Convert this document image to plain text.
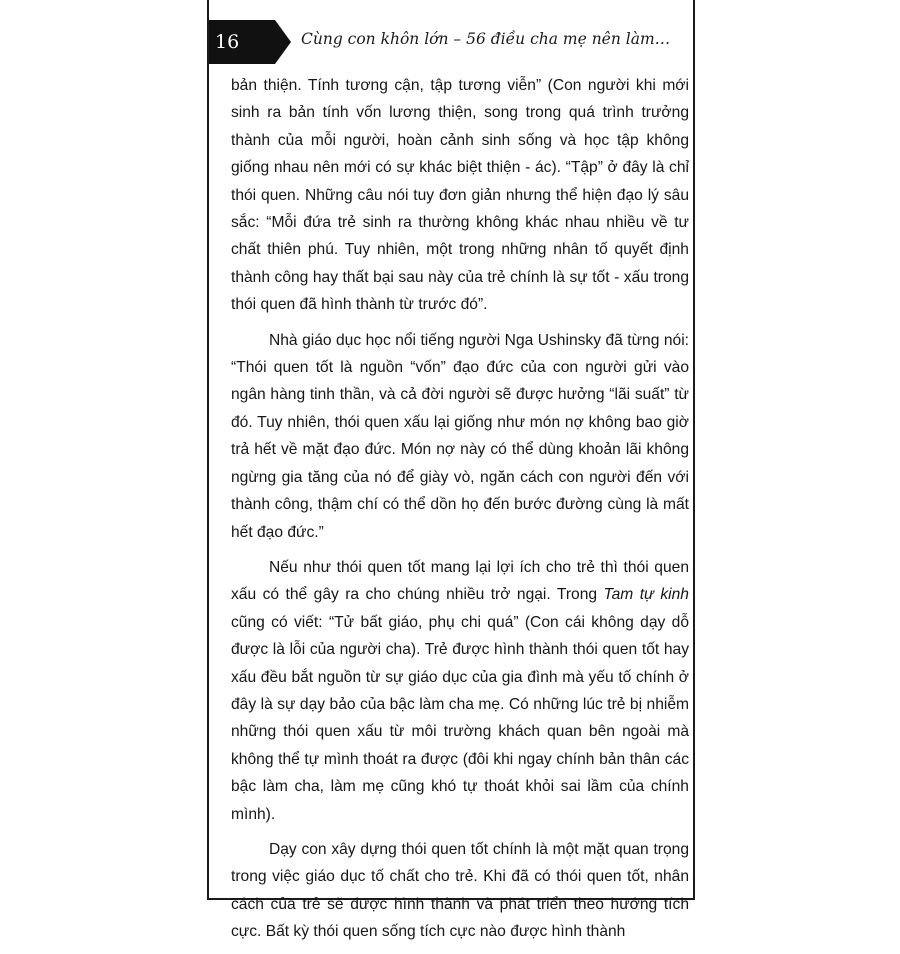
16	Cùng con khôn lớn – 56 điều cha mẹ nên làm…

bản thiện. Tính tương cận, tập tương viễn” (Con người khi mới sinh ra bản tính vốn lương thiện, song trong quá trình trưởng thành của mỗi người, hoàn cảnh sinh sống và học tập không giống nhau nên mới có sự khác biệt thiện - ác). “Tập” ở đây là chỉ thói quen. Những câu nói tuy đơn giản nhưng thể hiện đạo lý sâu sắc: “Mỗi đứa trẻ sinh ra thường không khác nhau nhiều về tư chất thiên phú. Tuy nhiên, một trong những nhân tố quyết định thành công hay thất bại sau này của trẻ chính là sự tốt - xấu trong thói quen đã hình thành từ trước đó”.

Nhà giáo dục học nổi tiếng người Nga Ushinsky đã từng nói: “Thói quen tốt là nguồn “vốn” đạo đức của con người gửi vào ngân hàng tinh thần, và cả đời người sẽ được hưởng “lãi suất” từ đó. Tuy nhiên, thói quen xấu lại giống như món nợ không bao giờ trả hết về mặt đạo đức. Món nợ này có thể dùng khoản lãi không ngừng gia tăng của nó để giày vò, ngăn cách con người đến với thành công, thậm chí có thể dồn họ đến bước đường cùng là mất hết đạo đức.”

Nếu như thói quen tốt mang lại lợi ích cho trẻ thì thói quen xấu có thể gây ra cho chúng nhiều trở ngại. Trong Tam tự kinh cũng có viết: “Tử bất giáo, phụ chi quá” (Con cái không dạy dỗ được là lỗi của người cha). Trẻ được hình thành thói quen tốt hay xấu đều bắt nguồn từ sự giáo dục của gia đình mà yếu tố chính ở đây là sự dạy bảo của bậc làm cha mẹ. Có những lúc trẻ bị nhiễm những thói quen xấu từ môi trường khách quan bên ngoài mà không thể tự mình thoát ra được (đôi khi ngay chính bản thân các bậc làm cha, làm mẹ cũng khó tự thoát khỏi sai lầm của chính mình).

Dạy con xây dựng thói quen tốt chính là một mặt quan trọng trong việc giáo dục tố chất cho trẻ. Khi đã có thói quen tốt, nhân cách của trẻ sẽ được hình thành và phát triển theo hướng tích cực. Bất kỳ thói quen sống tích cực nào được hình thành
